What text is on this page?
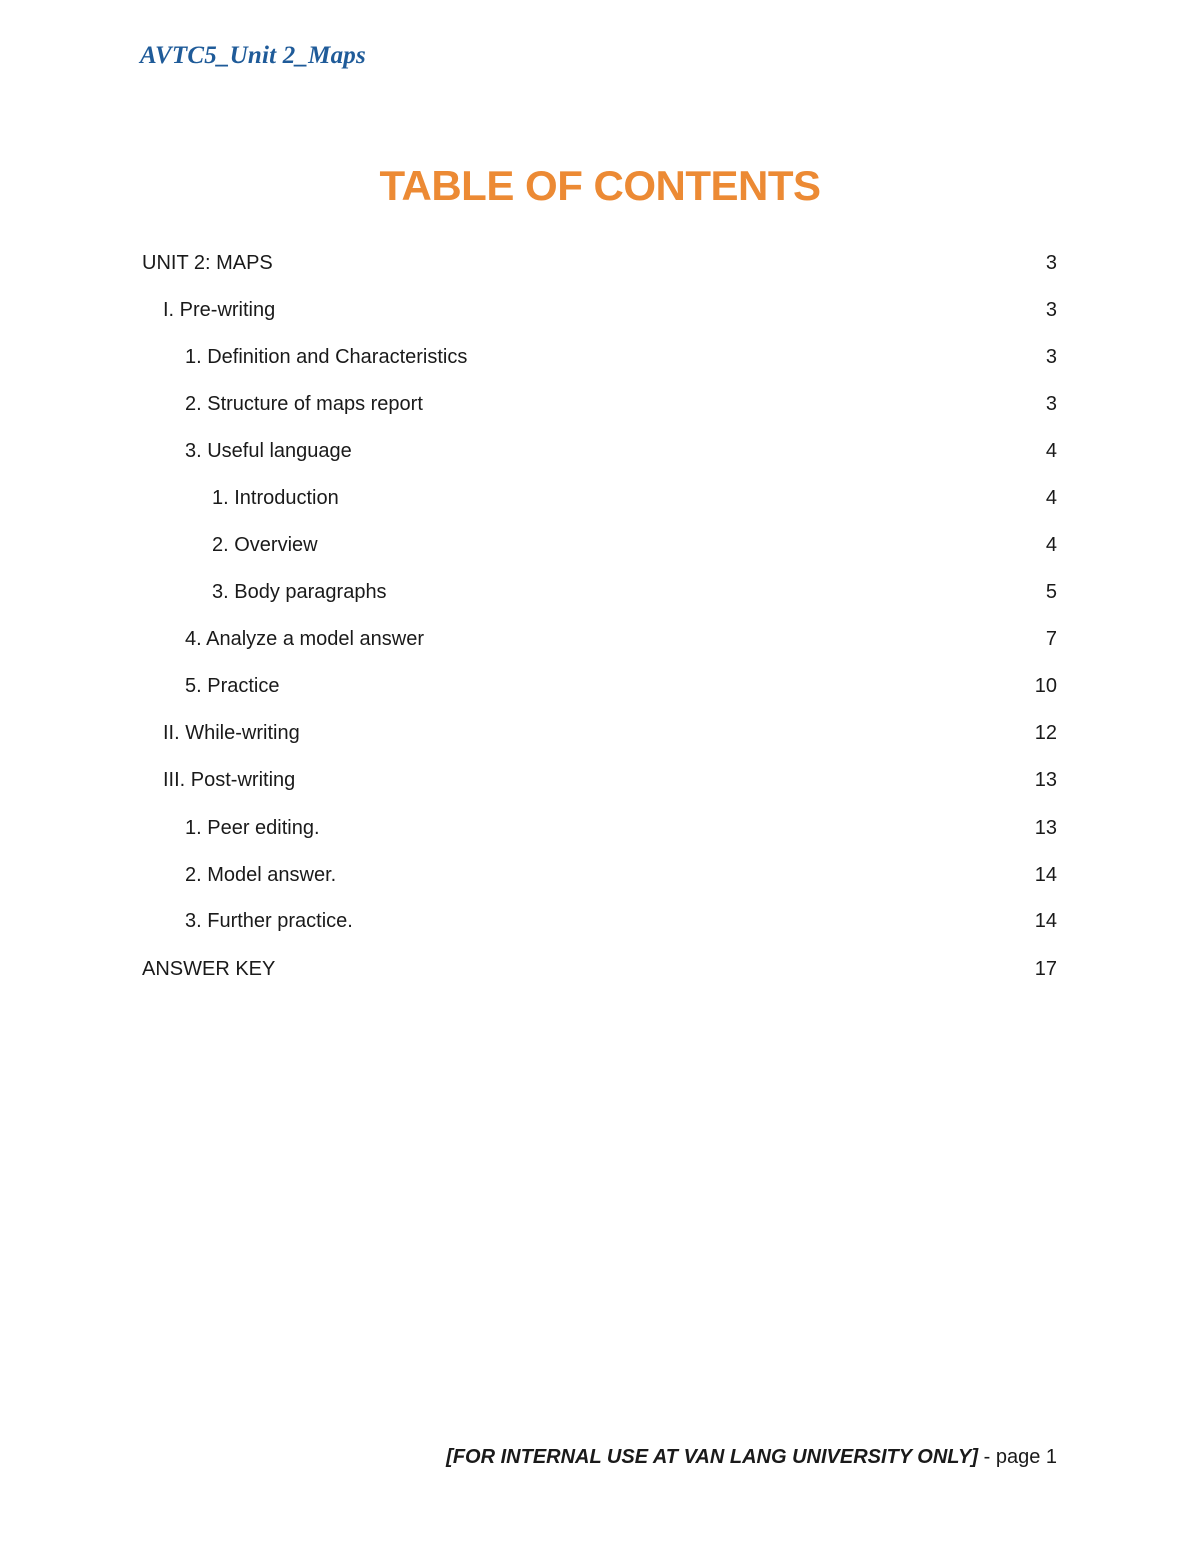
AVTC5_Unit 2_Maps
TABLE OF CONTENTS
UNIT 2: MAPS	3
I. Pre-writing	3
1. Definition and Characteristics	3
2. Structure of maps report	3
3. Useful language	4
1. Introduction	4
2. Overview	4
3. Body paragraphs	5
4. Analyze a model answer	7
5. Practice	10
II. While-writing	12
III. Post-writing	13
1. Peer editing.	13
2. Model answer.	14
3. Further practice.	14
ANSWER KEY	17
[FOR INTERNAL USE AT VAN LANG UNIVERSITY ONLY] - page 1
